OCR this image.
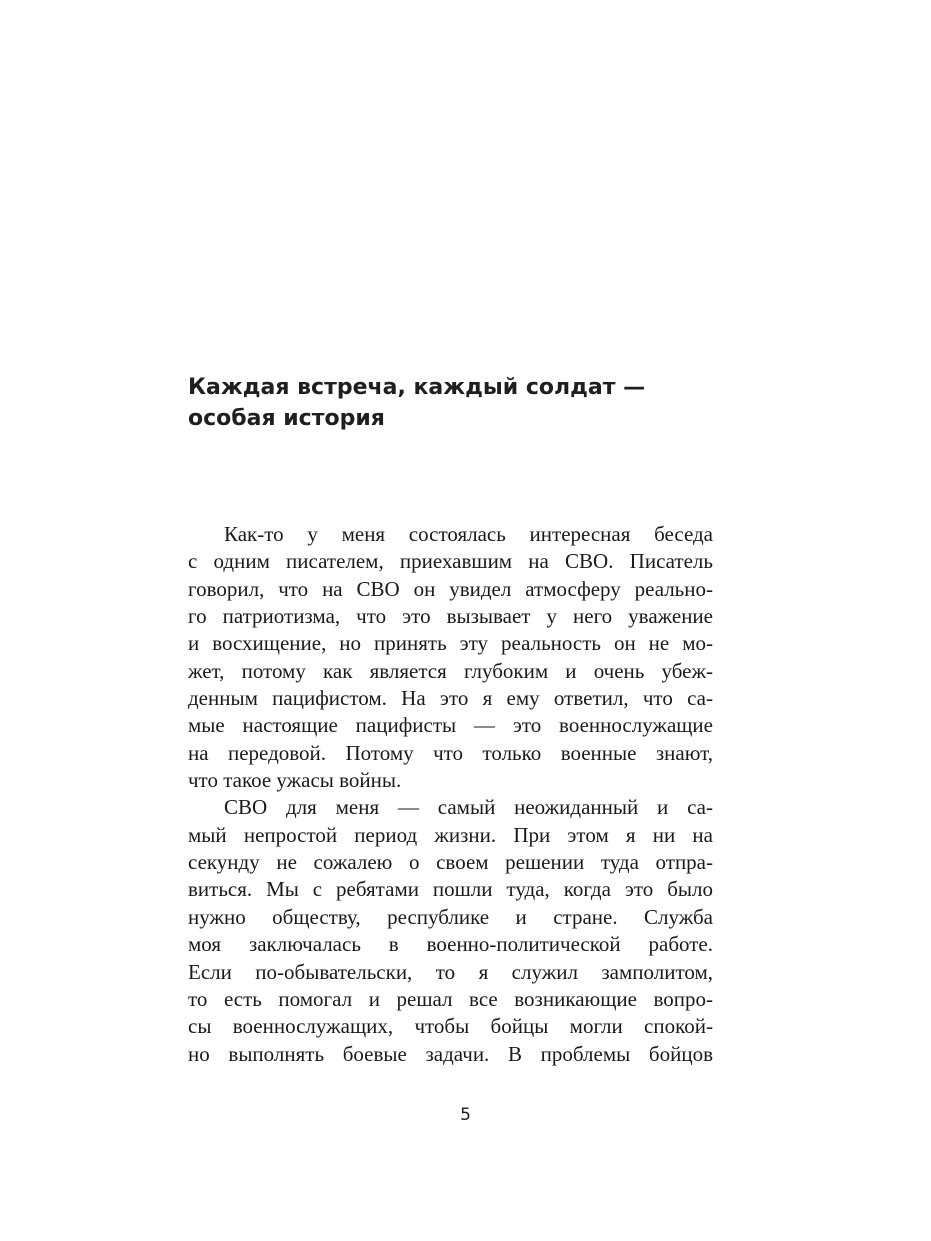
Каждая встреча, каждый солдат —
особая история
Как-то у меня состоялась интересная беседа
с одним писателем, приехавшим на СВО. Писатель
говорил, что на СВО он увидел атмосферу реально-
го патриотизма, что это вызывает у него уважение
и восхищение, но принять эту реальность он не мо-
жет, потому как является глубоким и очень убеж-
денным пацифистом. На это я ему ответил, что са-
мые настоящие пацифисты — это военнослужащие
на передовой. Потому что только военные знают,
что такое ужасы войны.
СВО для меня — самый неожиданный и са-
мый непростой период жизни. При этом я ни на
секунду не сожалею о своем решении туда отпра-
виться. Мы с ребятами пошли туда, когда это было
нужно обществу, республике и стране. Служба
моя заключалась в военно-политической работе.
Если по-обывательски, то я служил замполитом,
то есть помогал и решал все возникающие вопро-
сы военнослужащих, чтобы бойцы могли спокой-
но выполнять боевые задачи. В проблемы бойцов
5
